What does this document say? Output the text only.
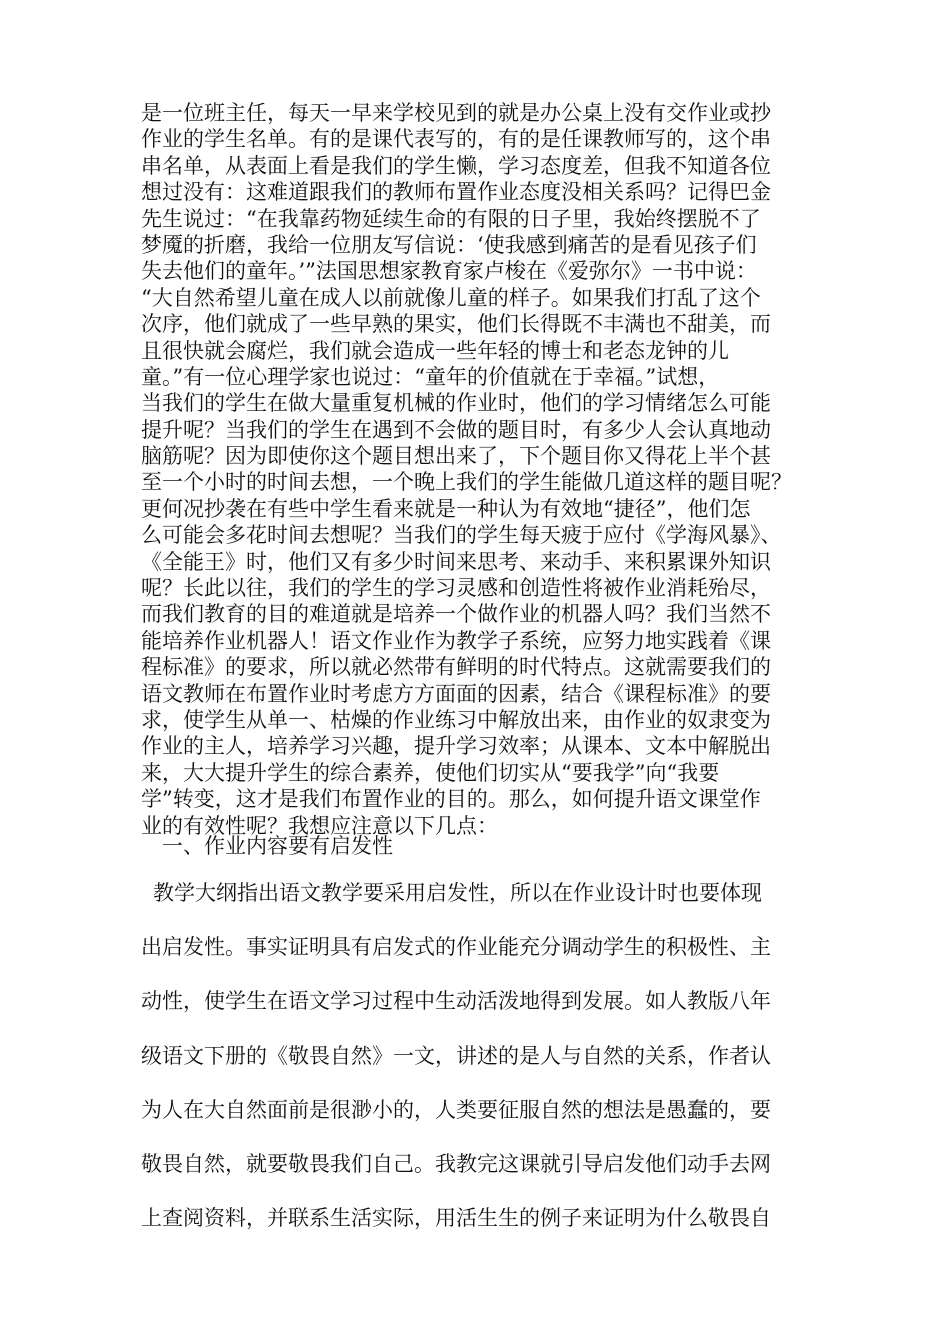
是一位班主任，每天一早来学校见到的就是办公桌上没有交作业或抄
作业的学生名单。有的是课代表写的，有的是任课教师写的，这个串
串名单，从表面上看是我们的学生懒，学习态度差，但我不知道各位
想过没有：这难道跟我们的教师布置作业态度没相关系吗？记得巴金
先生说过：“在我靠药物延续生命的有限的日子里，我始终摆脱不了
梦魇的折磨，我给一位朋友写信说：‘使我感到痛苦的是看见孩子们
失去他们的童年。’”法国思想家教育家卢梭在《爱弥尔》一书中说：
“大自然希望儿童在成人以前就像儿童的样子。如果我们打乱了这个
次序，他们就成了一些早熟的果实，他们长得既不丰满也不甜美，而
且很快就会腐烂，我们就会造成一些年轻的博士和老态龙钟的儿
童。”有一位心理学家也说过：“童年的价值就在于幸福。”试想，
当我们的学生在做大量重复机械的作业时，他们的学习情绪怎么可能
提升呢？当我们的学生在遇到不会做的题目时，有多少人会认真地动
脑筋呢？因为即使你这个题目想出来了，下个题目你又得花上半个甚
至一个小时的时间去想，一个晚上我们的学生能做几道这样的题目呢？
更何况抄袭在有些中学生看来就是一种认为有效地“捷径”，他们怎
么可能会多花时间去想呢？当我们的学生每天疲于应付《学海风暴》、
《全能王》时，他们又有多少时间来思考、来动手、来积累课外知识
呢？长此以往，我们的学生的学习灵感和创造性将被作业消耗殆尽，
而我们教育的目的难道就是培养一个做作业的机器人吗？我们当然不
能培养作业机器人！语文作业作为教学子系统，应努力地实践着《课
程标准》的要求，所以就必然带有鲜明的时代特点。这就需要我们的
语文教师在布置作业时考虑方方面面的因素，结合《课程标准》的要
求，使学生从单一、枯燥的作业练习中解放出来，由作业的奴隶变为
作业的主人，培养学习兴趣，提升学习效率；从课本、文本中解脱出
来，大大提升学生的综合素养，使他们切实从“要我学”向“我要
学”转变，这才是我们布置作业的目的。那么，如何提升语文课堂作
业的有效性呢？我想应注意以下几点：
一、作业内容要有启发性
教学大纲指出语文教学要采用启发性，所以在作业设计时也要体现
出启发性。事实证明具有启发式的作业能充分调动学生的积极性、主
动性，使学生在语文学习过程中生动活泼地得到发展。如人教版八年
级语文下册的《敬畏自然》一文，讲述的是人与自然的关系，作者认
为人在大自然面前是很渺小的，人类要征服自然的想法是愚蠢的，要
敬畏自然，就要敬畏我们自己。我教完这课就引导启发他们动手去网
上查阅资料，并联系生活实际，用活生生的例子来证明为什么敬畏自
